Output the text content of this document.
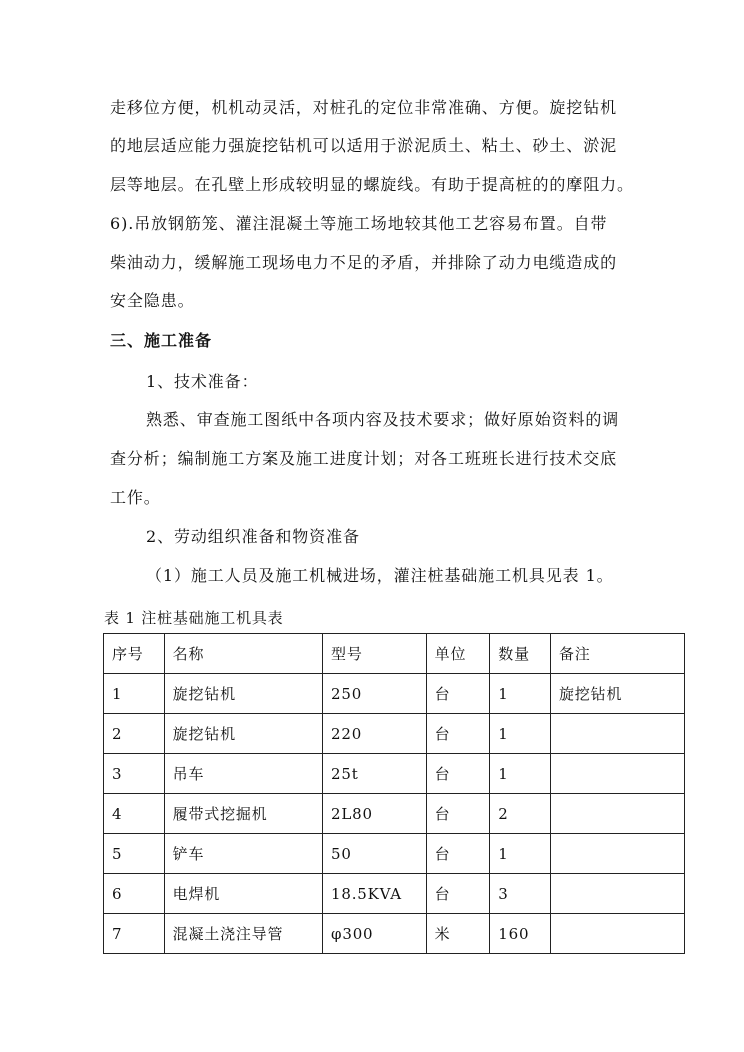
走移位方便，机机动灵活，对桩孔的定位非常准确、方便。旋挖钻机
的地层适应能力强旋挖钻机可以适用于淤泥质土、粘土、砂土、淤泥
层等地层。在孔壁上形成较明显的螺旋线。有助于提高桩的的摩阻力。
6).吊放钢筋笼、灌注混凝土等施工场地较其他工艺容易布置。自带
柴油动力，缓解施工现场电力不足的矛盾，并排除了动力电缆造成的
安全隐患。
三、施工准备
1、技术准备：
熟悉、审查施工图纸中各项内容及技术要求；做好原始资料的调
查分析；编制施工方案及施工进度计划；对各工班班长进行技术交底
工作。
2、劳动组织准备和物资准备
（1）施工人员及施工机械进场，灌注桩基础施工机具见表 1。
表 1 注桩基础施工机具表
序号	名称	型号	单位	数量	备注
1	旋挖钻机	250	台	1	旋挖钻机
2	旋挖钻机	220	台	1	
3	吊车	25t	台	1	
4	履带式挖掘机	2L80	台	2	
5	铲车	50	台	1	
6	电焊机	18.5KVA	台	3	
7	混凝土浇注导管	φ300	米	160	
